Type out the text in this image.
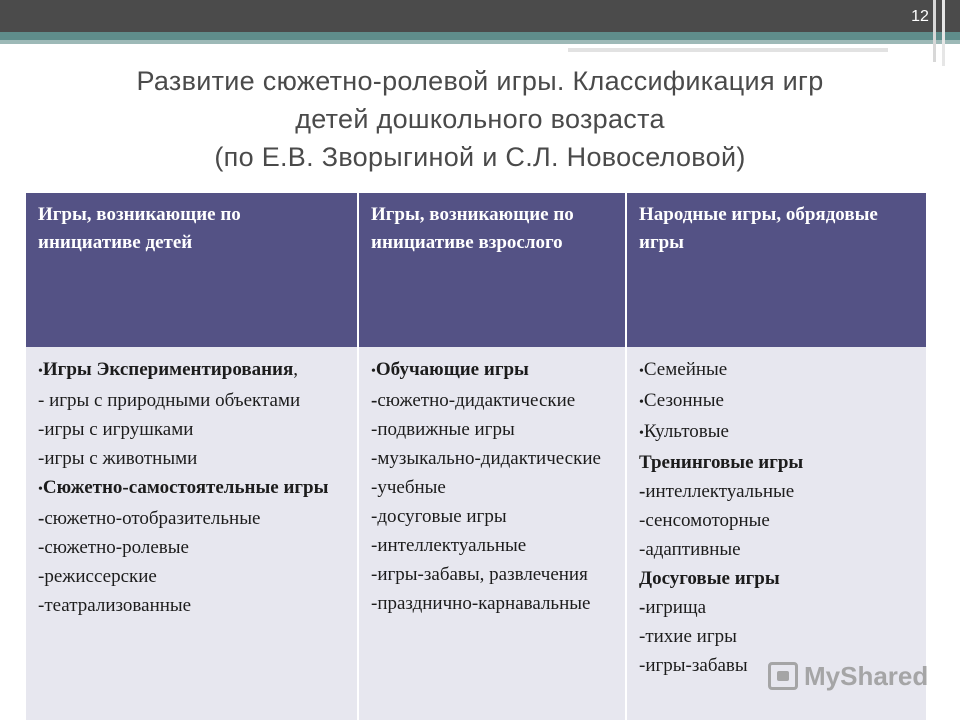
12
Развитие сюжетно-ролевой игры. Классификация игр
детей дошкольного возраста
(по Е.В. Зворыгиной и С.Л. Новоселовой)
Игры, возникающие по инициативе детей
•Игры Экспериментирования,
- игры с природными объектами
-игры с игрушками
-игры с животными
•Сюжетно-самостоятельные игры
-сюжетно-отобразительные
-сюжетно-ролевые
-режиссерские
-театрализованные
Игры, возникающие по инициативе взрослого
•Обучающие игры
-сюжетно-дидактические
-подвижные игры
-музыкально-дидактические
-учебные
-досуговые игры
-интеллектуальные
-игры-забавы, развлечения
-празднично-карнавальные
Народные игры, обрядовые игры
•Семейные
•Сезонные
•Культовые
Тренинговые игры
-интеллектуальные
-сенсомоторные
-адаптивные
Досуговые игры
-игрища
-тихие игры
-игры-забавы	MyShared
